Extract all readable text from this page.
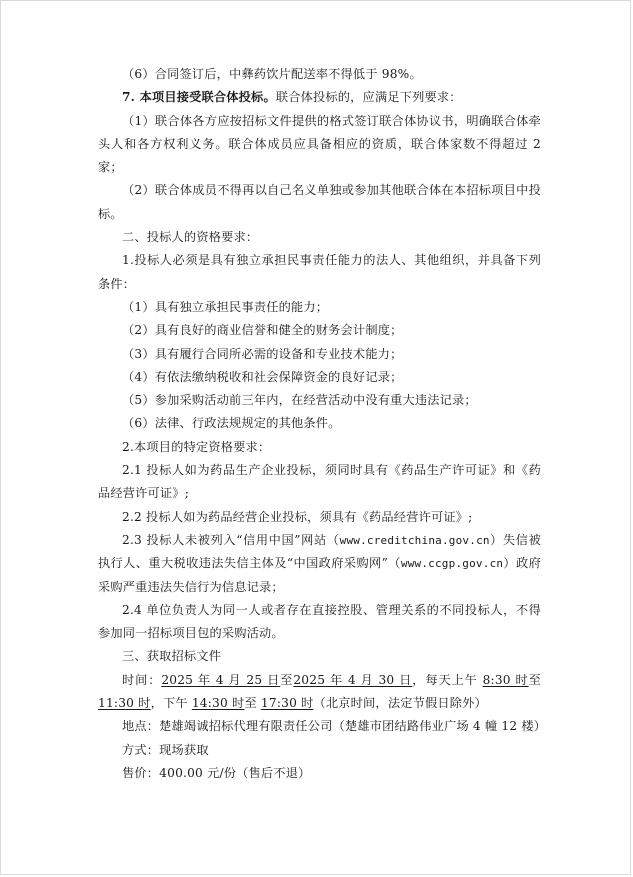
（6）合同签订后，中彝药饮片配送率不得低于 98%。

7. 本项目接受联合体投标。联合体投标的，应满足下列要求：

（1）联合体各方应按招标文件提供的格式签订联合体协议书，明确联合体牵头人和各方权利义务。联合体成员应具备相应的资质，联合体家数不得超过 2 家；

（2）联合体成员不得再以自己名义单独或参加其他联合体在本招标项目中投标。

二、投标人的资格要求：

1.投标人必须是具有独立承担民事责任能力的法人、其他组织，并具备下列条件：

（1）具有独立承担民事责任的能力；

（2）具有良好的商业信誉和健全的财务会计制度；

（3）具有履行合同所必需的设备和专业技术能力；

（4）有依法缴纳税收和社会保障资金的良好记录；

（5）参加采购活动前三年内，在经营活动中没有重大违法记录；

（6）法律、行政法规规定的其他条件。

2.本项目的特定资格要求：

2.1 投标人如为药品生产企业投标，须同时具有《药品生产许可证》和《药品经营许可证》;

2.2 投标人如为药品经营企业投标，须具有《药品经营许可证》;

2.3 投标人未被列入“信用中国”网站（www.creditchina.gov.cn）失信被执行人、重大税收违法失信主体及“中国政府采购网”（www.ccgp.gov.cn）政府采购严重违法失信行为信息记录；

2.4 单位负责人为同一人或者存在直接控股、管理关系的不同投标人，不得参加同一招标项目包的采购活动。

三、获取招标文件

时间：2025 年 4 月 25 日至2025 年 4 月 30 日，每天上午 8:30 时至 11:30 时，下午 14:30 时至 17:30 时（北京时间，法定节假日除外）

地点：楚雄竭诚招标代理有限责任公司（楚雄市团结路伟业广场 4 幢 12 楼）

方式：现场获取

售价：400.00 元/份（售后不退）
